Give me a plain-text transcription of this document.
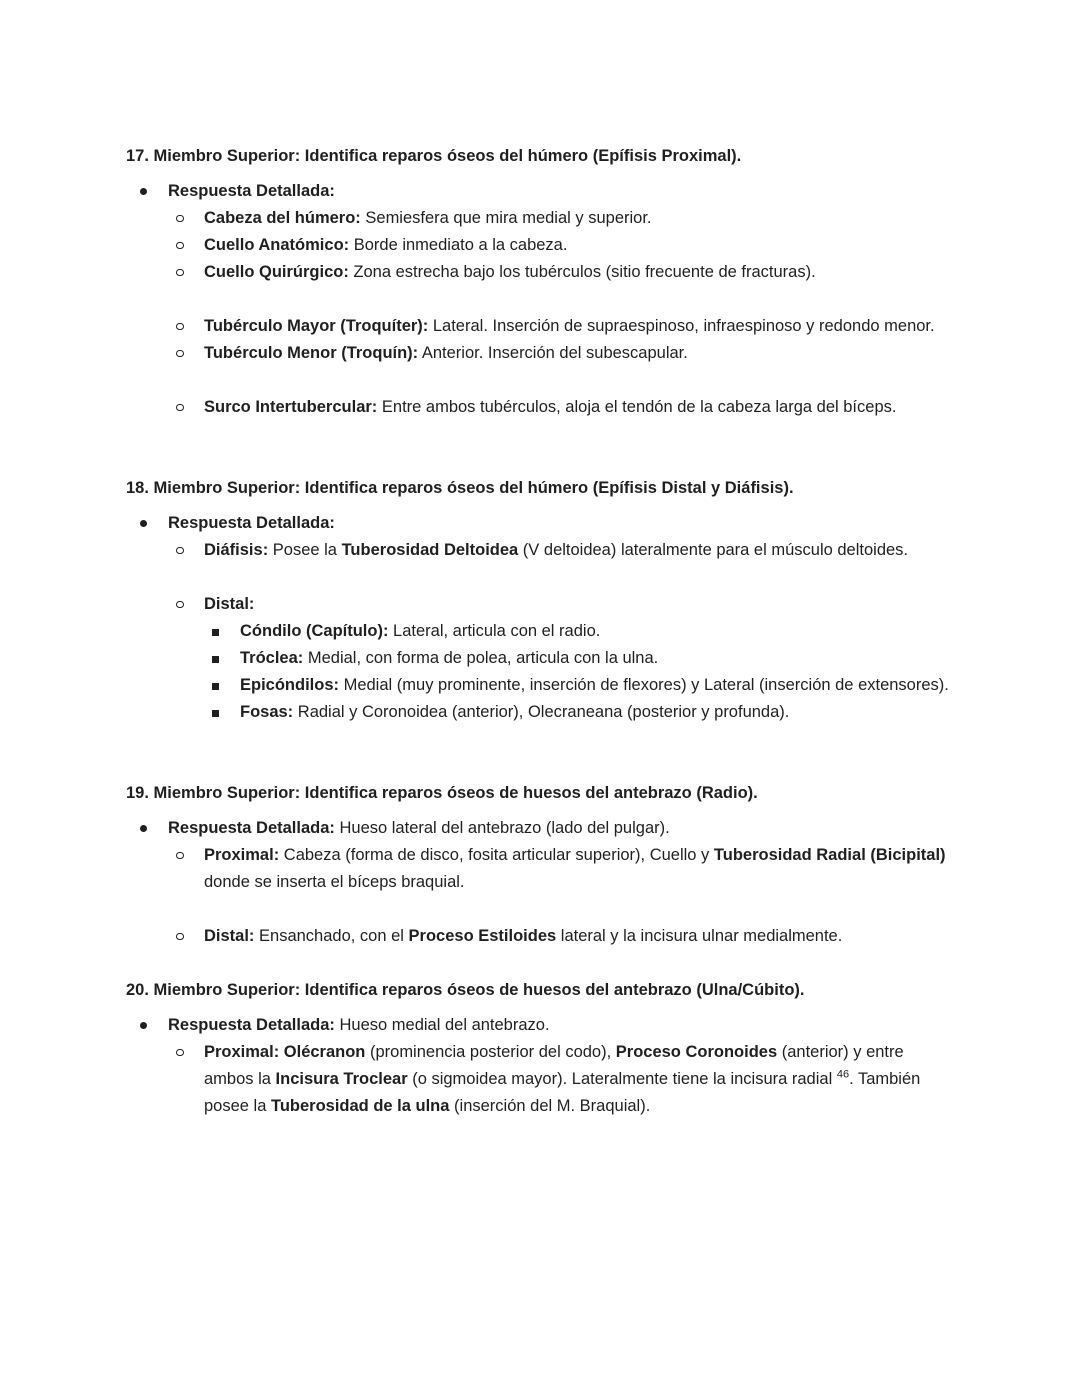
17. Miembro Superior: Identifica reparos óseos del húmero (Epífisis Proximal).
Respuesta Detallada:
Cabeza del húmero: Semiesfera que mira medial y superior.
Cuello Anatómico: Borde inmediato a la cabeza.
Cuello Quirúrgico: Zona estrecha bajo los tubérculos (sitio frecuente de fracturas).
Tubérculo Mayor (Troquíter): Lateral. Inserción de supraespinoso, infraespinoso y redondo menor.
Tubérculo Menor (Troquín): Anterior. Inserción del subescapular.
Surco Intertubercular: Entre ambos tubérculos, aloja el tendón de la cabeza larga del bíceps.
18. Miembro Superior: Identifica reparos óseos del húmero (Epífisis Distal y Diáfisis).
Respuesta Detallada:
Diáfisis: Posee la Tuberosidad Deltoidea (V deltoidea) lateralmente para el músculo deltoides.
Distal:
Cóndilo (Capítulo): Lateral, articula con el radio.
Tróclea: Medial, con forma de polea, articula con la ulna.
Epicóndilos: Medial (muy prominente, inserción de flexores) y Lateral (inserción de extensores).
Fosas: Radial y Coronoidea (anterior), Olecraneana (posterior y profunda).
19. Miembro Superior: Identifica reparos óseos de huesos del antebrazo (Radio).
Respuesta Detallada: Hueso lateral del antebrazo (lado del pulgar).
Proximal: Cabeza (forma de disco, fosita articular superior), Cuello y Tuberosidad Radial (Bicipital) donde se inserta el bíceps braquial.
Distal: Ensanchado, con el Proceso Estiloides lateral y la incisura ulnar medialmente.
20. Miembro Superior: Identifica reparos óseos de huesos del antebrazo (Ulna/Cúbito).
Respuesta Detallada: Hueso medial del antebrazo.
Proximal: Olécranon (prominencia posterior del codo), Proceso Coronoides (anterior) y entre ambos la Incisura Troclear (o sigmoidea mayor). Lateralmente tiene la incisura radial $^{46}$. También posee la Tuberosidad de la ulna (inserción del M. Braquial).
